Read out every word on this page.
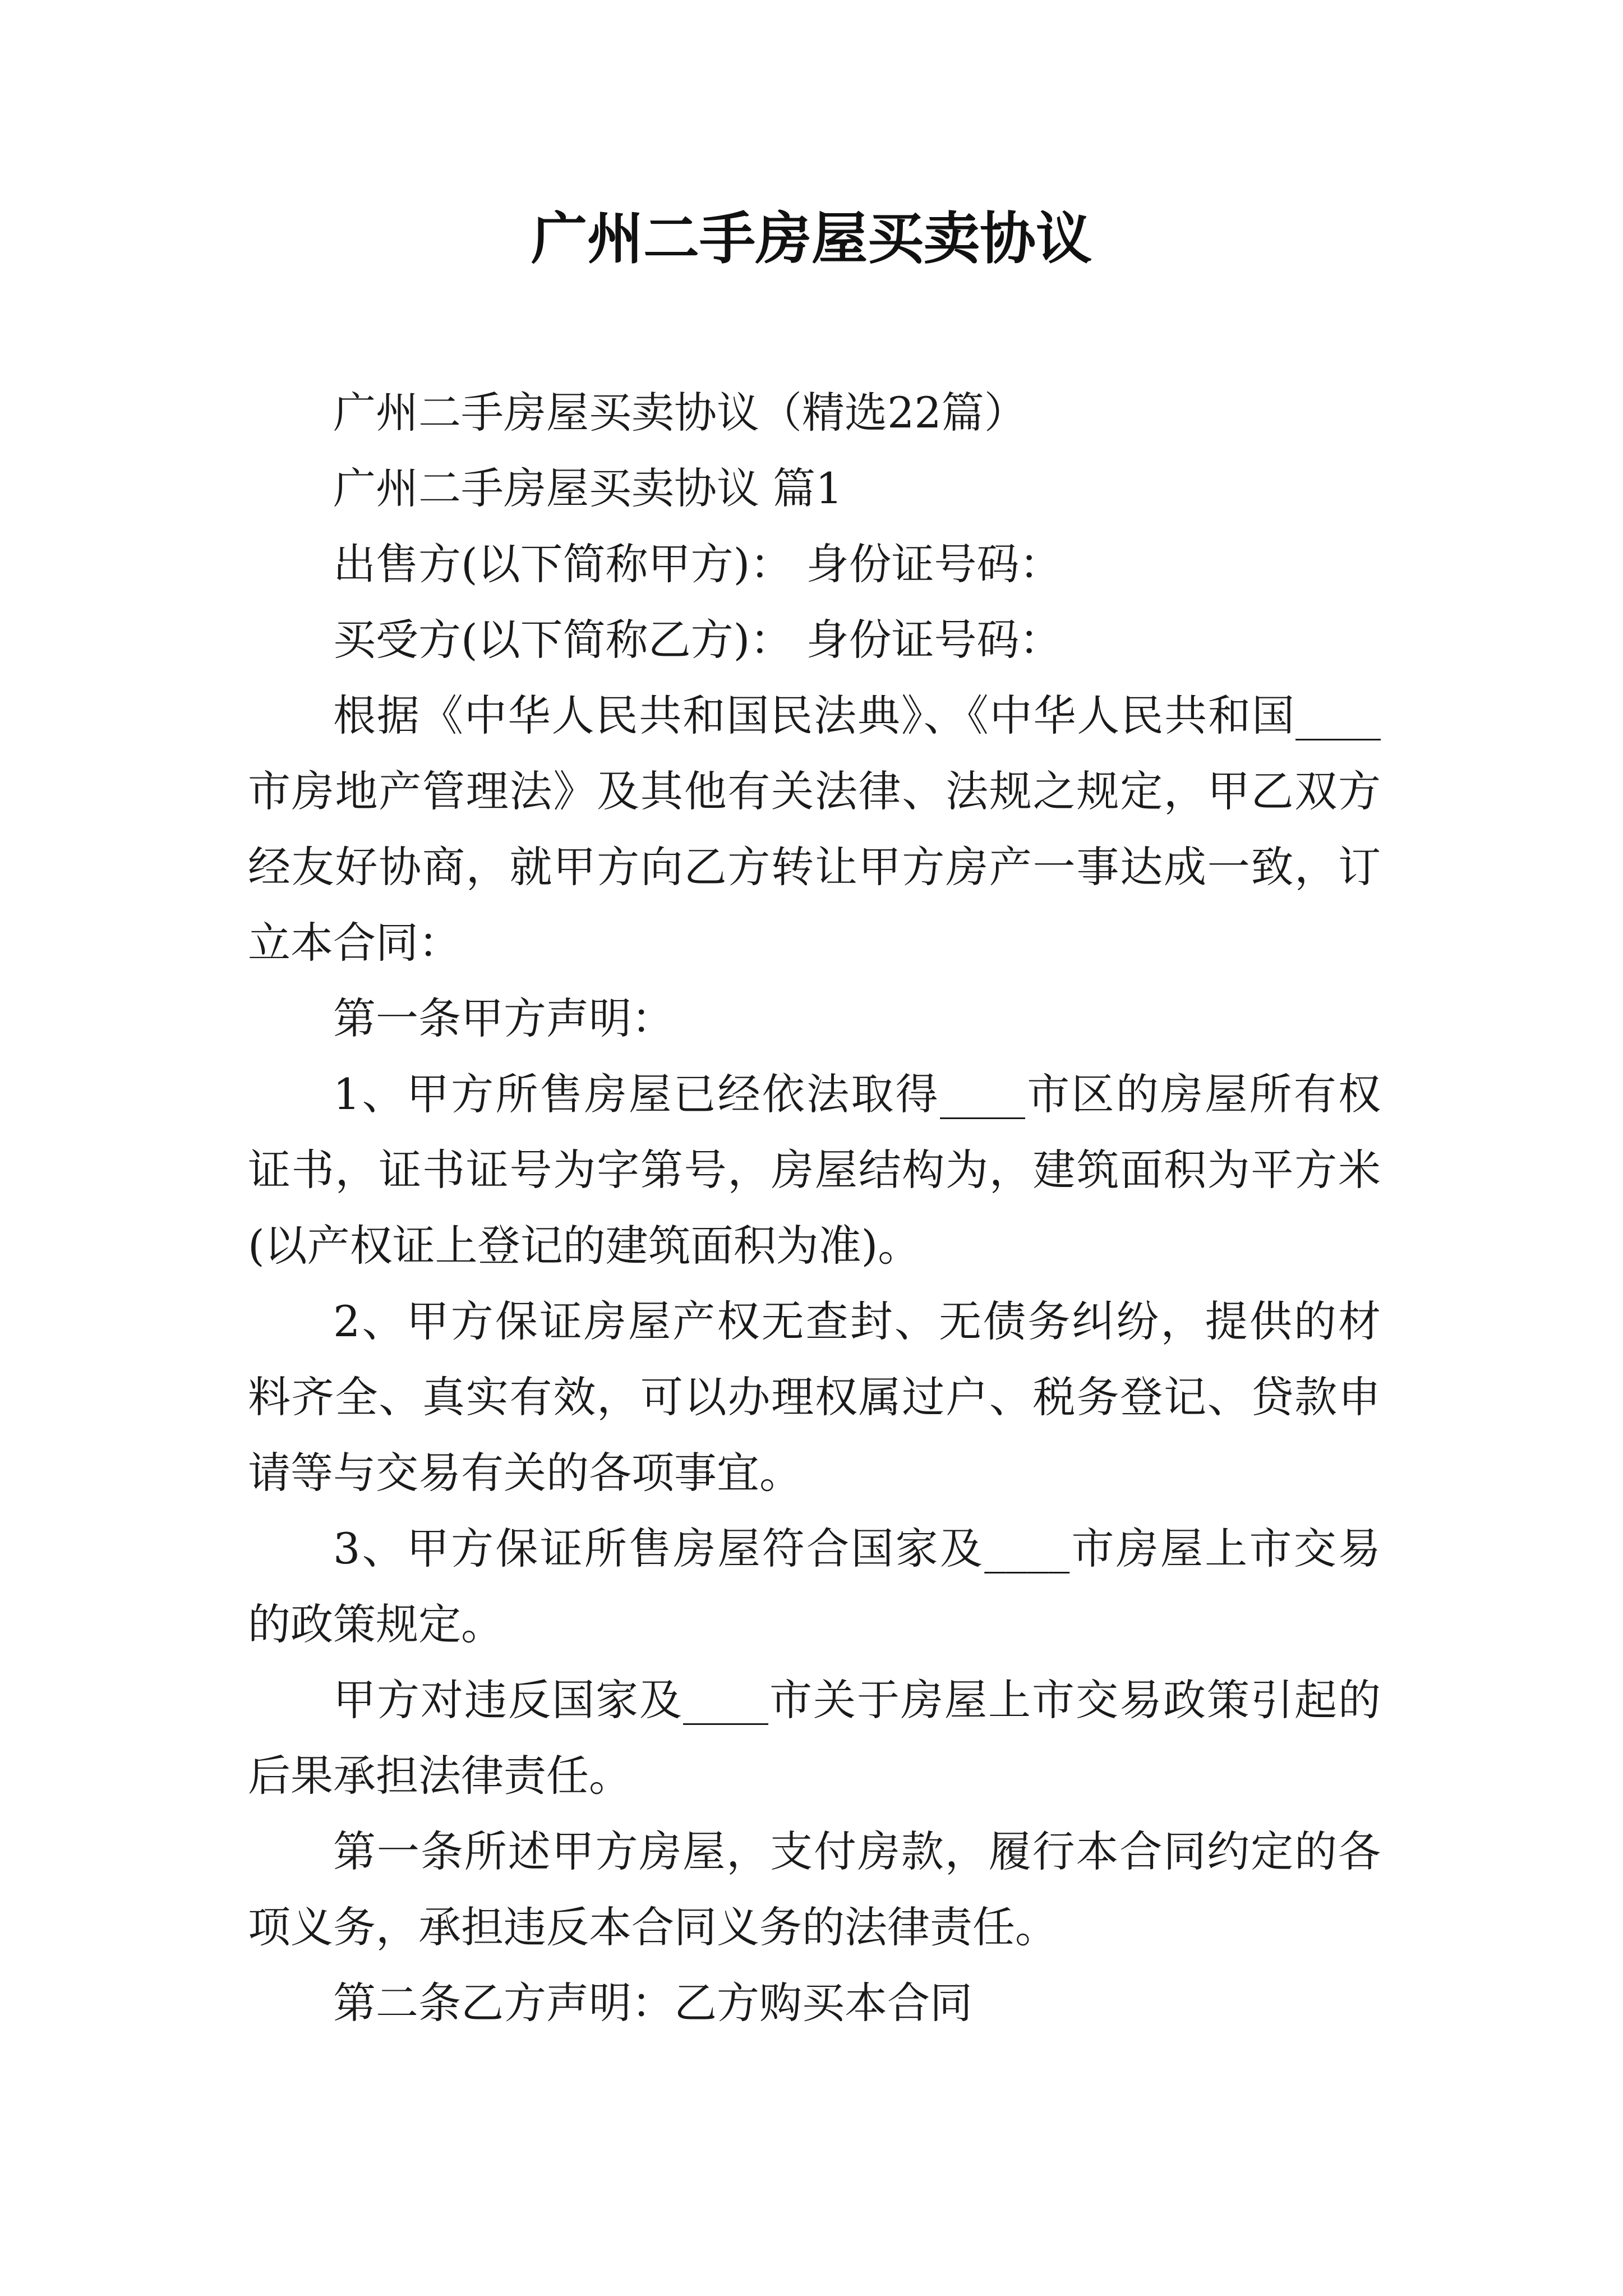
广州二手房屋买卖协议

广州二手房屋买卖协议（精选22篇）

广州二手房屋买卖协议 篇1

出售方(以下简称甲方)： 身份证号码：

买受方(以下简称乙方)： 身份证号码：

根据《中华人民共和国民法典》、《中华人民共和国____市房地产管理法》及其他有关法律、法规之规定，甲乙双方经友好协商，就甲方向乙方转让甲方房产一事达成一致，订立本合同：

第一条甲方声明：

1、甲方所售房屋已经依法取得____市区的房屋所有权证书，证书证号为字第号，房屋结构为，建筑面积为平方米(以产权证上登记的建筑面积为准)。

2、甲方保证房屋产权无查封、无债务纠纷，提供的材料齐全、真实有效，可以办理权属过户、税务登记、贷款申请等与交易有关的各项事宜。

3、甲方保证所售房屋符合国家及____市房屋上市交易的政策规定。

甲方对违反国家及____市关于房屋上市交易政策引起的后果承担法律责任。

第一条所述甲方房屋，支付房款，履行本合同约定的各项义务，承担违反本合同义务的法律责任。

第二条乙方声明：乙方购买本合同
